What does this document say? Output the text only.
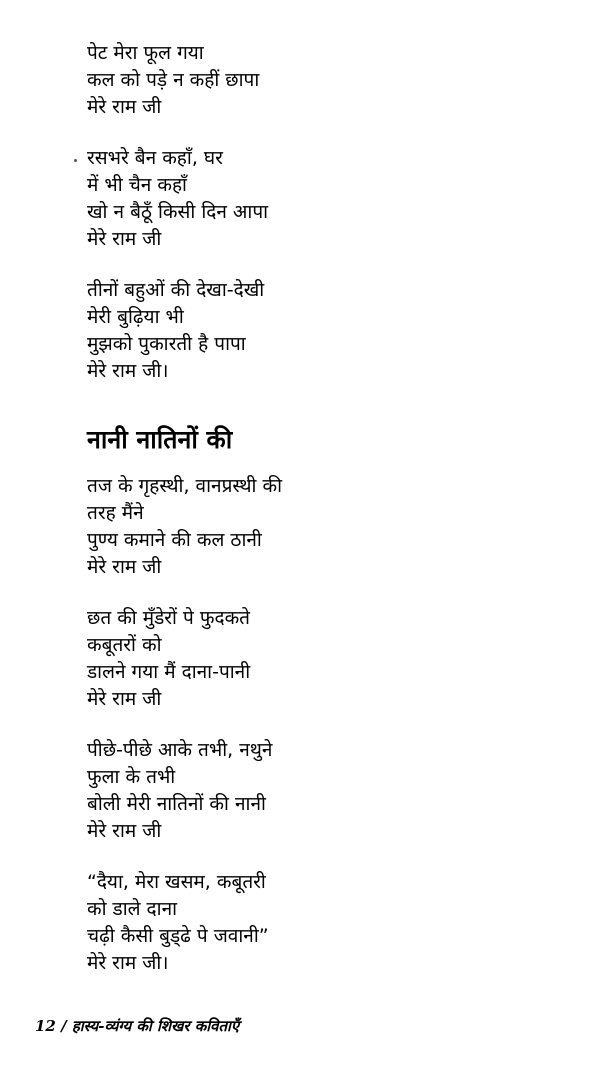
पेट मेरा फूल गया
कल को पड़े न कहीं छापा
मेरे राम जी
रसभरे बैन कहाँ, घर
में भी चैन कहाँ
खो न बैठूँ किसी दिन आपा
मेरे राम जी
तीनों बहुओं की देखा-देखी
मेरी बुढ़िया भी
मुझको पुकारती है पापा
मेरे राम जी।
नानी नातिनों की
तज के गृहस्थी, वानप्रस्थी की
तरह मैंने
पुण्य कमाने की कल ठानी
मेरे राम जी
छत की मुँडेरों पे फुदकते
कबूतरों को
डालने गया मैं दाना-पानी
मेरे राम जी
पीछे-पीछे आके तभी, नथुने
फुला के तभी
बोली मेरी नातिनों की नानी
मेरे राम जी
“दैया, मेरा खसम, कबूतरी
को डाले दाना
चढ़ी कैसी बुड्‌ढे पे जवानी”
मेरे राम जी।
12 / हास्य-व्यंग्य की शिखर कविताएँ
